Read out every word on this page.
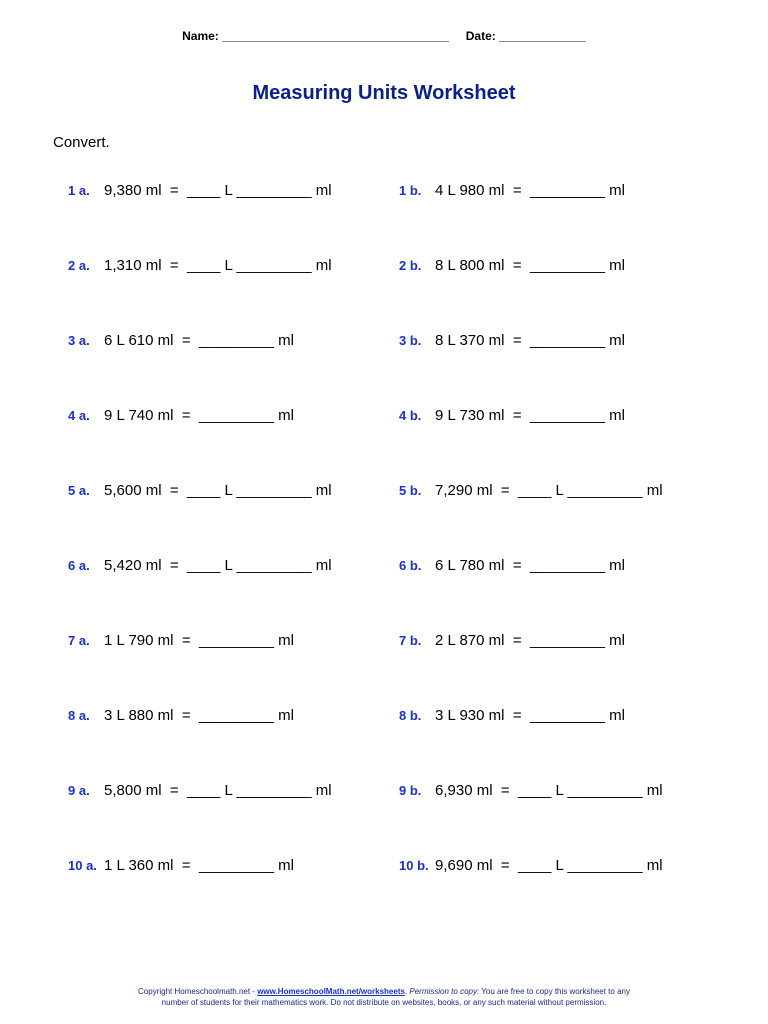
Name: __________________________________ Date: _____________
Measuring Units Worksheet
Convert.
1 a. 9,380 ml  =  ____ L _________ ml
2 a. 1,310 ml  =  ____ L _________ ml
3 a. 6 L 610 ml  =  _________ ml
4 a. 9 L 740 ml  =  _________ ml
5 a. 5,600 ml  =  ____ L _________ ml
6 a. 5,420 ml  =  ____ L _________ ml
7 a. 1 L 790 ml  =  _________ ml
8 a. 3 L 880 ml  =  _________ ml
9 a. 5,800 ml  =  ____ L _________ ml
10 a. 1 L 360 ml  =  _________ ml
1 b. 4 L 980 ml  =  _________ ml
2 b. 8 L 800 ml  =  _________ ml
3 b. 8 L 370 ml  =  _________ ml
4 b. 9 L 730 ml  =  _________ ml
5 b. 7,290 ml  =  ____ L _________ ml
6 b. 6 L 780 ml  =  _________ ml
7 b. 2 L 870 ml  =  _________ ml
8 b. 3 L 930 ml  =  _________ ml
9 b. 6,930 ml  =  ____ L _________ ml
10 b. 9,690 ml  =  ____ L _________ ml
Copyright Homeschoolmath.net - www.HomeschoolMath.net/worksheets. Permission to copy: You are free to copy this worksheet to any
number of students for their mathematics work. Do not distribute on websites, books, or any such material without permission.
